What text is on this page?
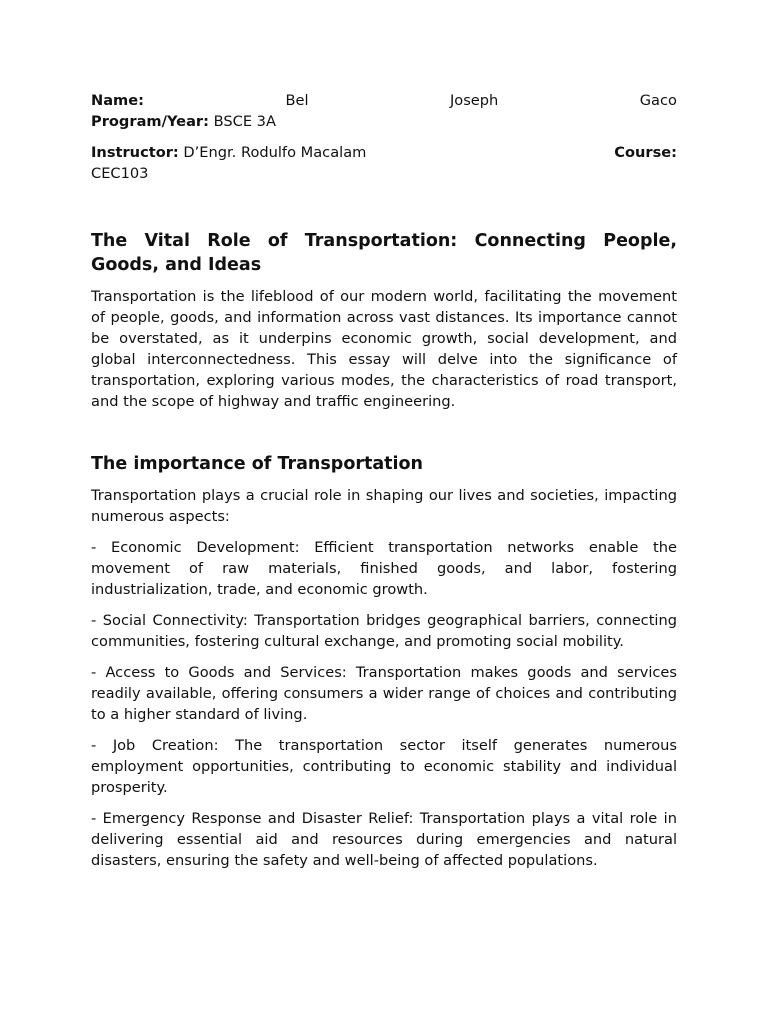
Name:	Bel	Joseph	Gaco
Program/Year: BSCE 3A
Instructor: D’Engr. Rodulfo Macalam	Course:
CEC103
The Vital Role of Transportation: Connecting People, Goods, and Ideas

Transportation is the lifeblood of our modern world, facilitating the movement of people, goods, and information across vast distances. Its importance cannot be overstated, as it underpins economic growth, social development, and global interconnectedness. This essay will delve into the significance of transportation, exploring various modes, the characteristics of road transport, and the scope of highway and traffic engineering.

The importance of Transportation

Transportation plays a crucial role in shaping our lives and societies, impacting numerous aspects:

- Economic Development: Efficient transportation networks enable the movement of raw materials, finished goods, and labor, fostering industrialization, trade, and economic growth.

- Social Connectivity: Transportation bridges geographical barriers, connecting communities, fostering cultural exchange, and promoting social mobility.

- Access to Goods and Services: Transportation makes goods and services readily available, offering consumers a wider range of choices and contributing to a higher standard of living.

- Job Creation: The transportation sector itself generates numerous employment opportunities, contributing to economic stability and individual prosperity.

- Emergency Response and Disaster Relief: Transportation plays a vital role in delivering essential aid and resources during emergencies and natural disasters, ensuring the safety and well-being of affected populations.
